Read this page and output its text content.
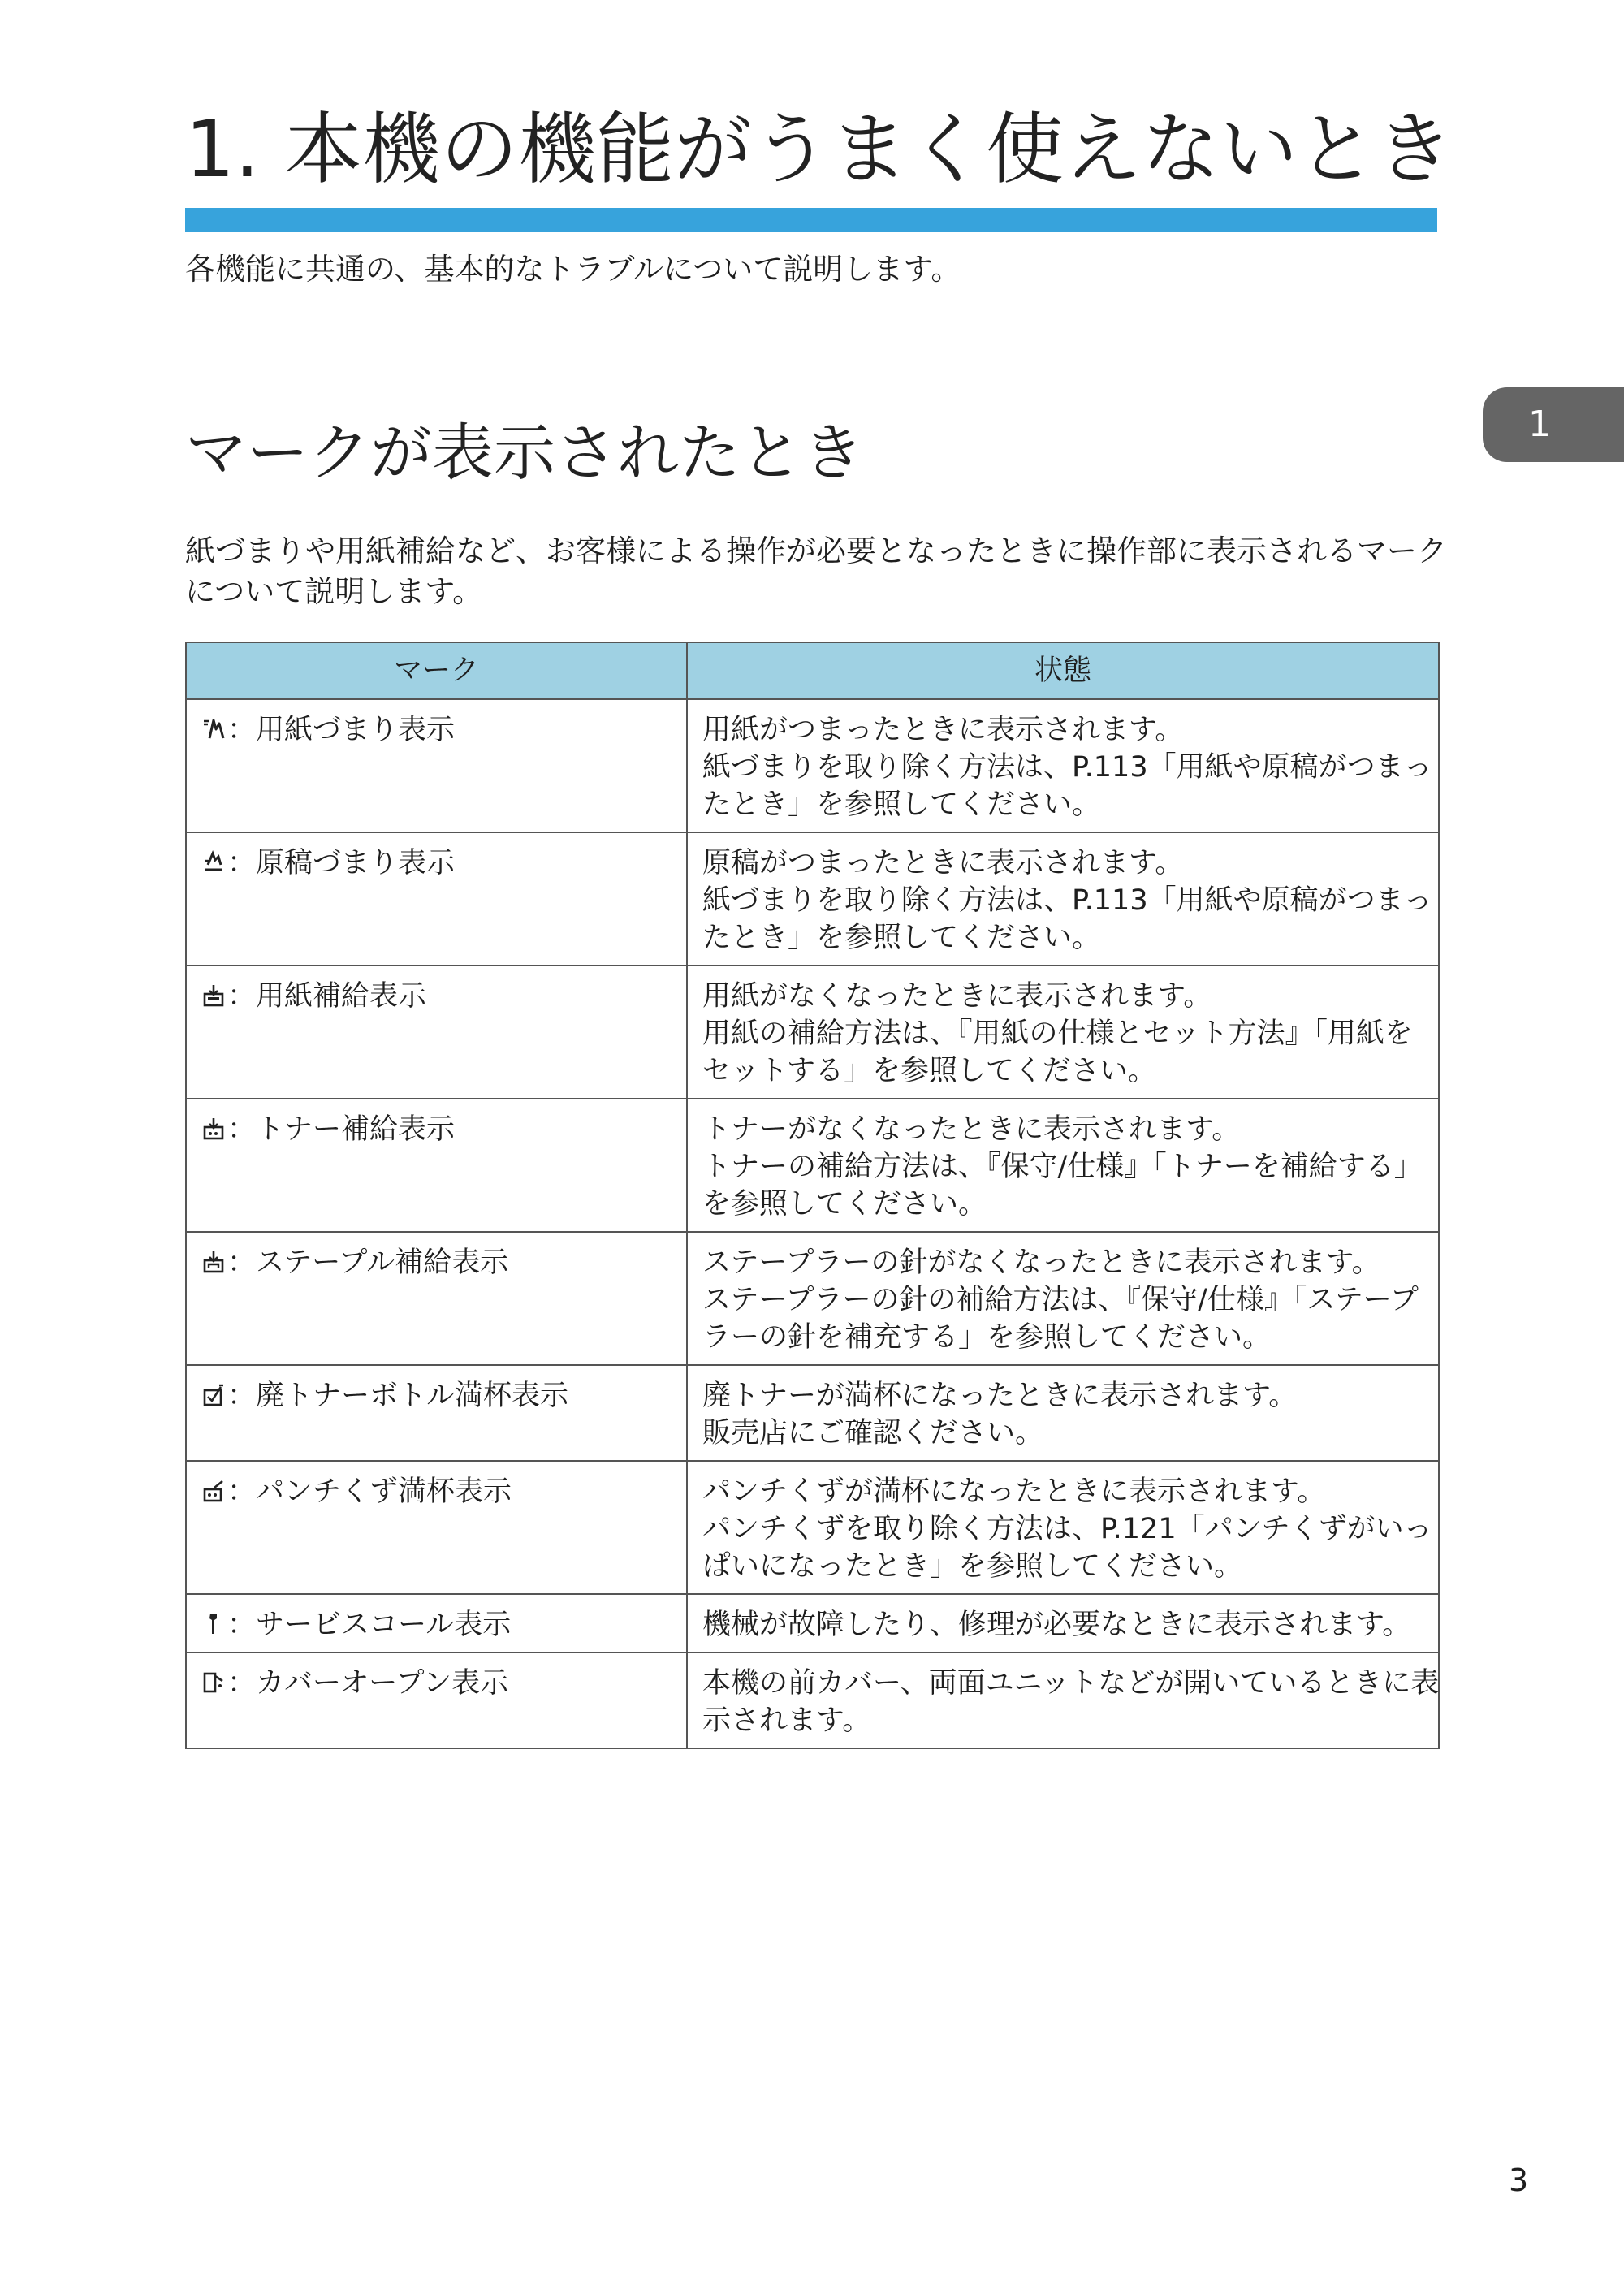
1. 本機の機能がうまく使えないとき

各機能に共通の、基本的なトラブルについて説明します。

1
マークが表示されたとき

紙づまりや用紙補給など、お客様による操作が必要となったときに操作部に表示されるマークについて説明します。

マーク	状態
：用紙づまり表示	用紙がつまったときに表示されます。
紙づまりを取り除く方法は、P.113「用紙や原稿がつまっ
たとき」を参照してください。

：原稿づまり表示	原稿がつまったときに表示されます。
紙づまりを取り除く方法は、P.113「用紙や原稿がつまっ
たとき」を参照してください。

：用紙補給表示	用紙がなくなったときに表示されます。
用紙の補給方法は、『用紙の仕様とセット方法』「用紙を
セットする」を参照してください。

：トナー補給表示	トナーがなくなったときに表示されます。
トナーの補給方法は、『保守/仕様』「トナーを補給する」
を参照してください。

：ステープル補給表示	ステープラーの針がなくなったときに表示されます。
ステープラーの針の補給方法は、『保守/仕様』「ステープ
ラーの針を補充する」を参照してください。

：廃トナーボトル満杯表示	廃トナーが満杯になったときに表示されます。
販売店にご確認ください。

：パンチくず満杯表示	パンチくずが満杯になったときに表示されます。
パンチくずを取り除く方法は、P.121「パンチくずがいっ
ぱいになったとき」を参照してください。

：サービスコール表示	機械が故障したり、修理が必要なときに表示されます。

：カバーオープン表示	本機の前カバー、両面ユニットなどが開いているときに表
示されます。
3
